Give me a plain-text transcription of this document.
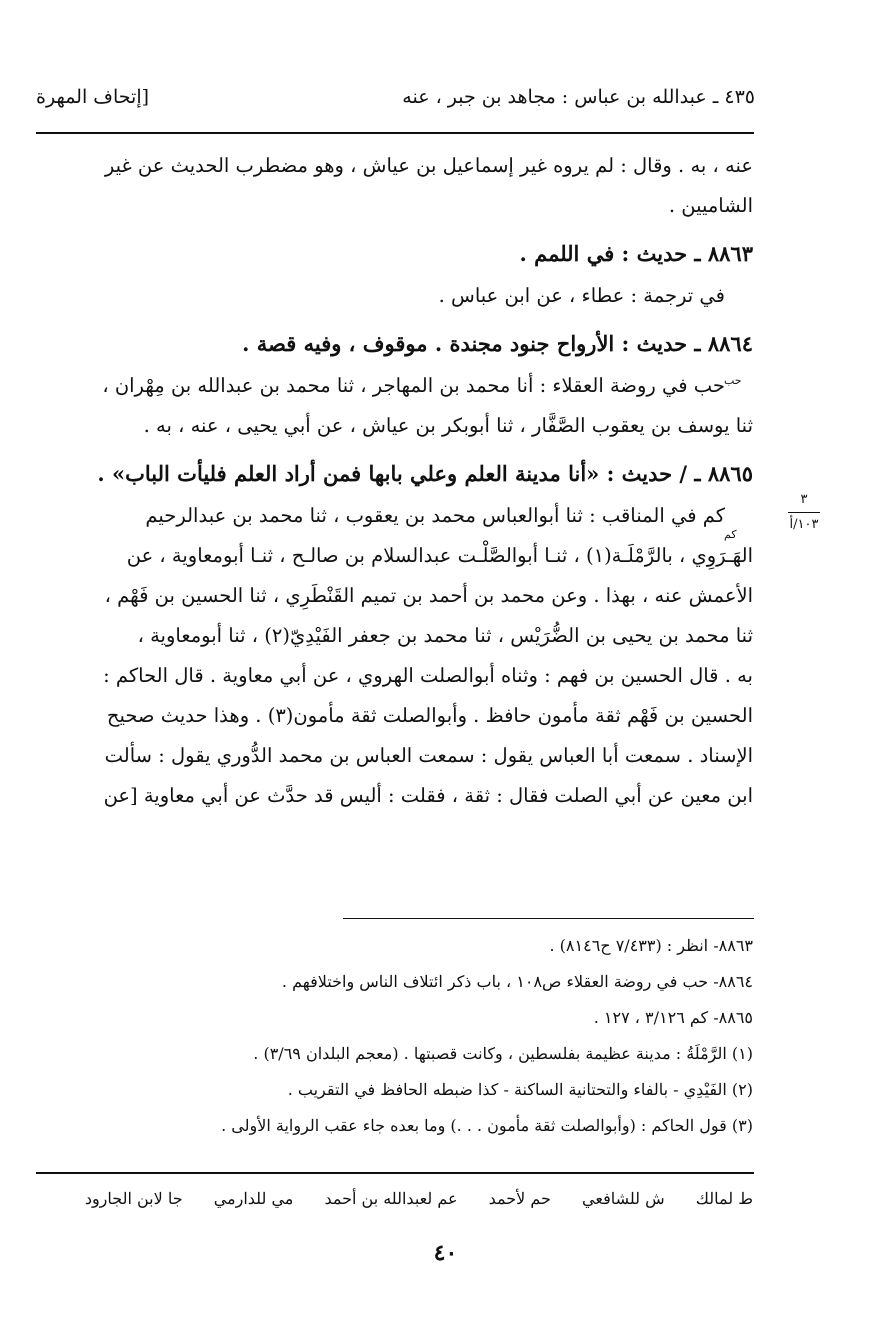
٤٣٥ ـ عبدالله بن عباس : مجاهد بن جبر ، عنه
[إتحاف المهرة
عنه ، به . وقال : لم يروه غير إسماعيل بن عياش ، وهو مضطرب الحديث عن غير
الشاميين .
٨٨٦٣ ـ حديث : في اللمم .
في ترجمة : عطاء ، عن ابن عباس .
٨٨٦٤ ـ حديث : الأرواح جنود مجندة . موقوف ، وفيه قصة .
حب في روضة العقلاء : أنا محمد بن المهاجر ، ثنا محمد بن عبدالله بن مِهْران ،
ثنا يوسف بن يعقوب الصَّفَّار ، ثنا أبوبكر بن عياش ، عن أبي يحيى ، عنه ، به .
٨٨٦٥ ـ / حديث : «أنا مدينة العلم وعلي بابها فمن أراد العلم فليأت الباب» .
كم في المناقب : ثنا أبوالعباس محمد بن يعقوب ، ثنا محمد بن عبدالرحيم
الهَـرَوِي ، بالرَّمْلَـة(١) ، ثنـا أبوالصَّلْـت عبدالسلام بن صالـح ، ثنـا أبومعاوية ، عن
الأعمش عنه ، بهذا . وعن محمد بن أحمد بن تميم القَنْطَرِي ، ثنا الحسين بن فَهْم ،
ثنا محمد بن يحيى بن الضُّرَيْس ، ثنا محمد بن جعفر الفَيْدِيّ(٢) ، ثنا أبومعاوية ،
به . قال الحسين بن فهم : وثناه أبوالصلت الهروي ، عن أبي معاوية . قال الحاكم :
الحسين بن فَهْم ثقة مأمون حافظ . وأبوالصلت ثقة مأمون(٣) . وهذا حديث صحيح
الإسناد . سمعت أبا العباس يقول : سمعت العباس بن محمد الدُّوري يقول : سألت
ابن معين عن أبي الصلت فقال : ثقة ، فقلت : أليس قد حدَّث عن أبي معاوية [عن
حب
كم
٣
١٠٣/أ
٨٨٦٣- انظر : (٧/٤٣٣ ح٨١٤٦) .
٨٨٦٤- حب في روضة العقلاء ص١٠٨ ، باب ذكر ائتلاف الناس واختلافهم .
٨٨٦٥- كم ٣/١٢٦ ، ١٢٧ .
(١) الرَّمْلَةُ : مدينة عظيمة بفلسطين ، وكانت قصبتها . (معجم البلدان ٣/٦٩) .
(٢) الفَيْدِي - بالفاء والتحتانية الساكنة - كذا ضبطه الحافظ في التقريب .
(٣) قول الحاكم : (وأبوالصلت ثقة مأمون . . .) وما بعده جاء عقب الرواية الأولى .
ط لمالك ش للشافعي حم لأحمد عم لعبدالله بن أحمد مي للدارمي جا لابن الجارود
٤٠
